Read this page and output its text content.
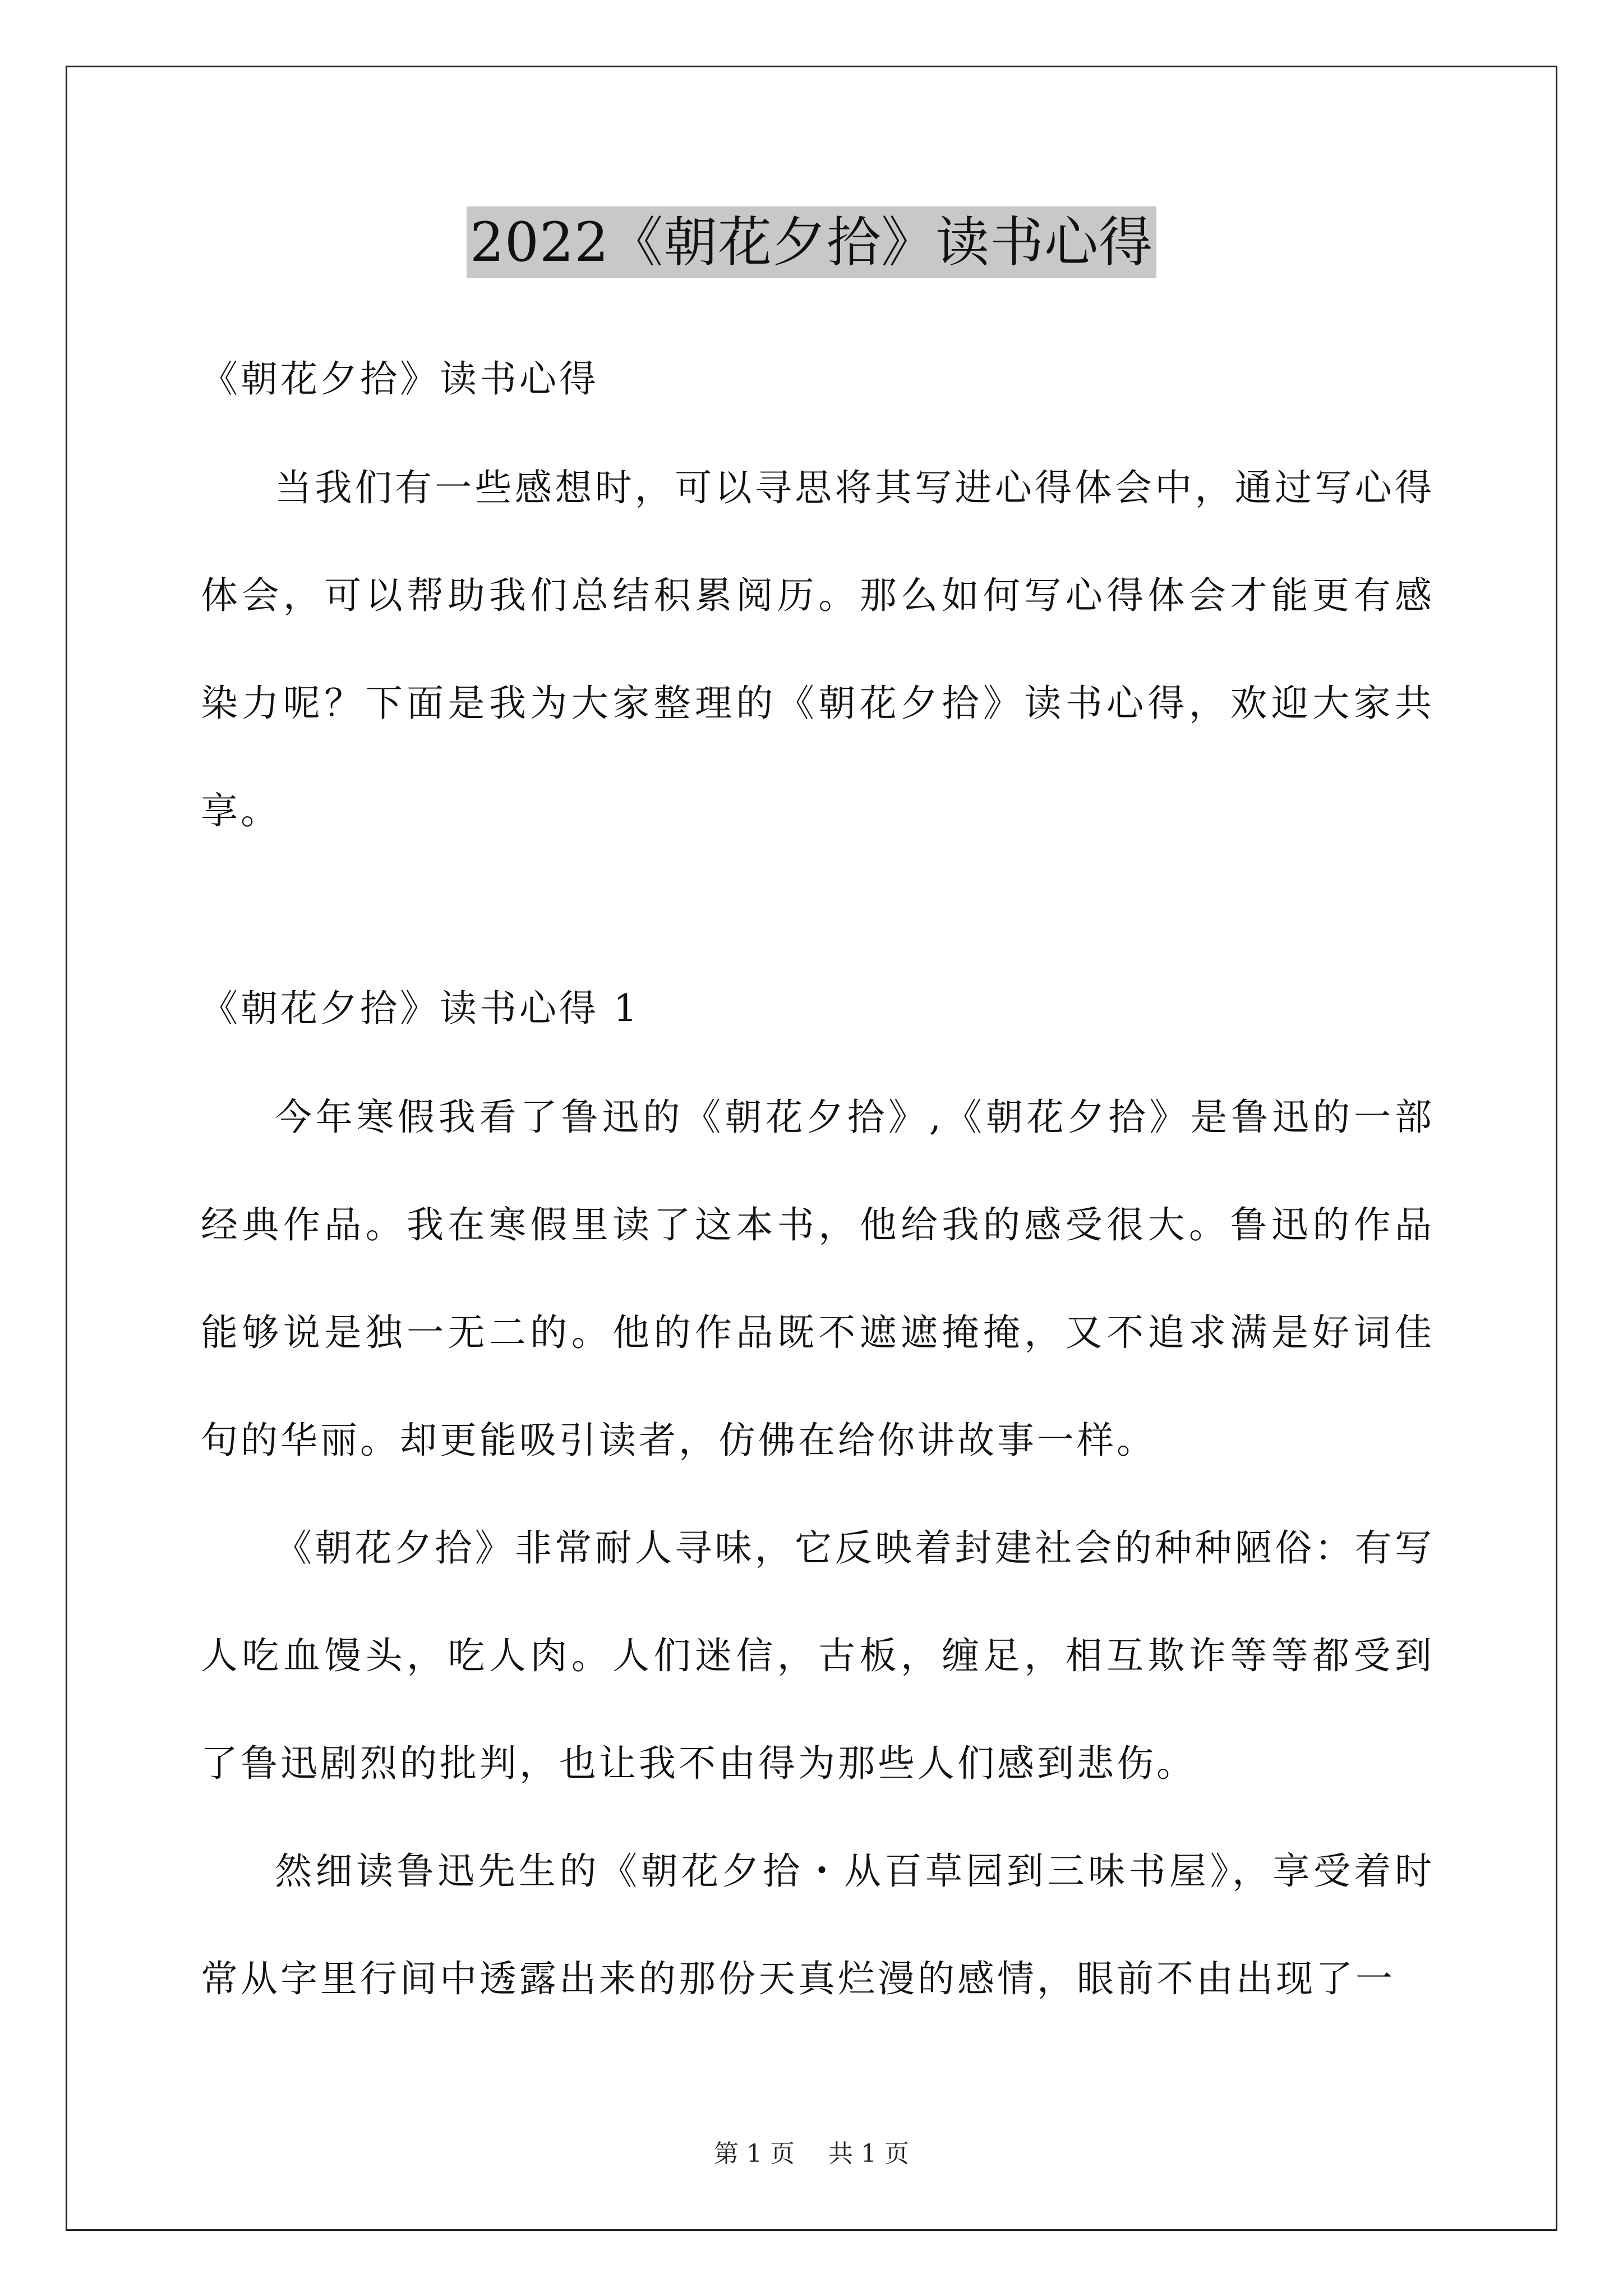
2022《朝花夕拾》读书心得

《朝花夕拾》读书心得

当我们有一些感想时，可以寻思将其写进心得体会中，通过写心得体会，可以帮助我们总结积累阅历。那么如何写心得体会才能更有感染力呢？下面是我为大家整理的《朝花夕拾》读书心得，欢迎大家共享。

《朝花夕拾》读书心得 1

今年寒假我看了鲁迅的《朝花夕拾》,《朝花夕拾》是鲁迅的一部经典作品。我在寒假里读了这本书，他给我的感受很大。鲁迅的作品能够说是独一无二的。他的作品既不遮遮掩掩，又不追求满是好词佳句的华丽。却更能吸引读者，仿佛在给你讲故事一样。

《朝花夕拾》非常耐人寻味，它反映着封建社会的种种陋俗：有写人吃血馒头，吃人肉。人们迷信，古板，缠足，相互欺诈等等都受到了鲁迅剧烈的批判，也让我不由得为那些人们感到悲伤。

然细读鲁迅先生的《朝花夕拾・从百草园到三味书屋》，享受着时常从字里行间中透露出来的那份天真烂漫的感情，眼前不由出现了一

第 1 页 共 1 页
